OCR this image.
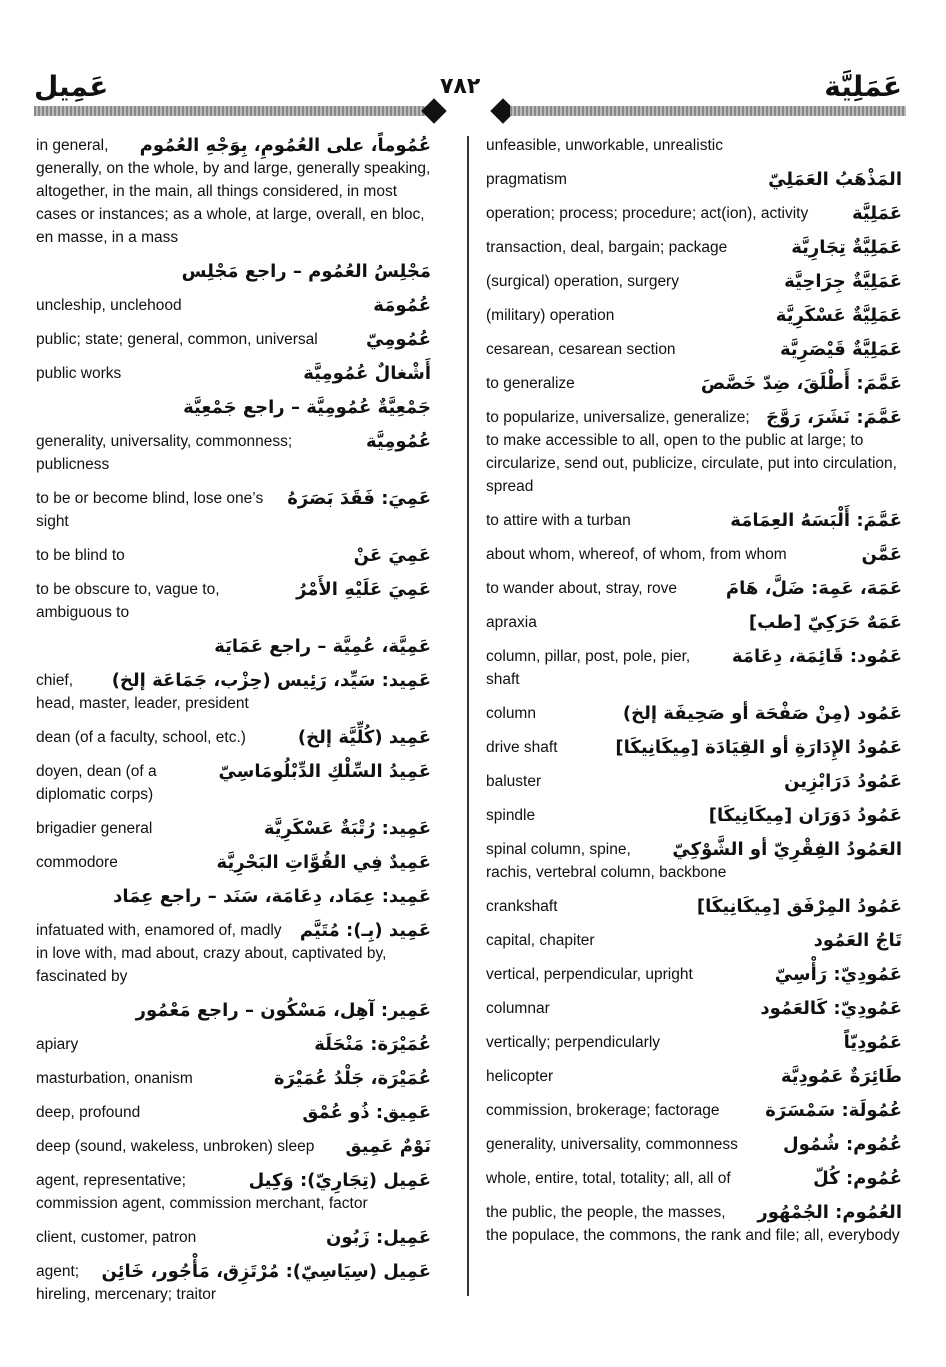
عَمِيل	٧٨٢	عَمَلِيَّة
عُمُوماً، على العُمُومِ، بِوَجْهِ العُمُوم
in general, generally, on the whole, by and large, generally speaking, altogether, in the main, all things considered, in most cases or instances; as a whole, at large, overall, en bloc, en masse, in a mass
مَجْلِسُ العُمُوم – راجع مَجْلِس
عُمُومَة
uncleship, unclehood
عُمُومِيّ
public; state; general, common, universal
أَشْغالٌ عُمُومِيَّة
public works
جَمْعِيَّةٌ عُمُومِيَّة – راجع جَمْعِيَّة
عُمُومِيَّة
generality, universality, commonness; publicness
عَمِيَ: فَقَدَ بَصَرَهُ
to be or become blind, lose one’s sight
عَمِيَ عَنْ
to be blind to
عَمِيَ عَلَيْهِ الأَمْرُ
to be obscure to, vague to, ambiguous to
عَمِيَّة، عُمِيَّة – راجع عَمَايَة
عَمِيد: سَيِّد، رَئِيس (حِزْب، جَمَاعَة إلخ)
chief, head, master, leader, president
عَمِيد (كُلِّيَّة إلخ)
dean (of a faculty, school, etc.)
عَمِيدُ السِّلْكِ الدِّبْلُومَاسِيّ
doyen, dean (of a diplomatic corps)
عَمِيد: رُتْبَةٌ عَسْكَرِيَّة
brigadier general
عَمِيدٌ فِي القُوَّاتِ البَحْرِيَّة
commodore
عَمِيد: عِمَاد، دِعَامَة، سَنَد – راجع عِمَاد
عَمِيد (بِـ): مُتَيَّم
infatuated with, enamored of, madly in love with, mad about, crazy about, captivated by, fascinated by
عَمِير: آهِل، مَسْكُون – راجع مَعْمُور
عُمَيْرَة: مَنْحَلَة
apiary
عُمَيْرَة، جَلْدُ عُمَيْرَة
masturbation, onanism
عَمِيق: ذُو عُمْق
deep, profound
نَوْمٌ عَمِيق
deep (sound, wakeless, unbroken) sleep
عَمِيل (تِجَارِيّ): وَكِيل
agent, representative; commission agent, commission merchant, factor
عَمِيل: زَبُون
client, customer, patron
عَمِيل (سِيَاسِيّ): مُرْتَزِق، مَأْجُور، خَائِن
agent; hireling, mercenary; traitor
unfeasible, unworkable, unrealistic
المَذْهَبُ العَمَلِيّ
pragmatism
عَمَلِيَّة
operation; process; procedure; act(ion), activity
عَمَلِيَّةٌ تِجَارِيَّة
transaction, deal, bargain; package
عَمَلِيَّةٌ جِرَاحِيَّة
(surgical) operation, surgery
عَمَلِيَّةٌ عَسْكَرِيَّة
(military) operation
عَمَلِيَّةٌ قَيْصَرِيَّة
cesarean, cesarean section
عَمَّمَ: أَطْلَقَ، ضِدّ خَصَّصَ
to generalize
عَمَّمَ: نَشَرَ، رَوَّجَ
to popularize, universalize, generalize; to make accessible to all, open to the public at large; to circularize, send out, publicize, circulate, put into circulation, spread
عَمَّمَ: أَلْبَسَهُ العِمَامَة
to attire with a turban
عَمَّن
about whom, whereof, of whom, from whom
عَمَهَ، عَمِهَ: ضَلَّ، هَامَ
to wander about, stray, rove
عَمَهٌ حَرَكِيّ [طب]
apraxia
عَمُود: قَائِمَة، دِعَامَة
column, pillar, post, pole, pier, shaft
عَمُود (مِنْ صَفْحَة أو صَحِيفَة إلخ)
column
عَمُودُ الإِدَارَةِ أو القِيَادَة [مِيكَانِيكَا]
drive shaft
عَمُودُ دَرَابْزِين
baluster
عَمُودُ دَوَرَان [مِيكَانِيكَا]
spindle
العَمُودُ الفِقْرِيّ أو الشَّوْكِيّ
spinal column, spine, rachis, vertebral column, backbone
عَمُودُ المِرْفَق [مِيكَانِيكَا]
crankshaft
تَاجُ العَمُود
capital, chapiter
عَمُودِيّ: رَأْسِيّ
vertical, perpendicular, upright
عَمُودِيّ: كَالعَمُود
columnar
عَمُودِيّاً
vertically; perpendicularly
طَائِرَةٌ عَمُودِيَّة
helicopter
عُمُولَة: سَمْسَرَة
commission, brokerage; factorage
عُمُوم: شُمُول
generality, universality, commonness
عُمُوم: كُلّ
whole, entire, total, totality; all, all of
العُمُوم: الجُمْهُور
the public, the people, the masses, the populace, the commons, the rank and file; all, everybody
